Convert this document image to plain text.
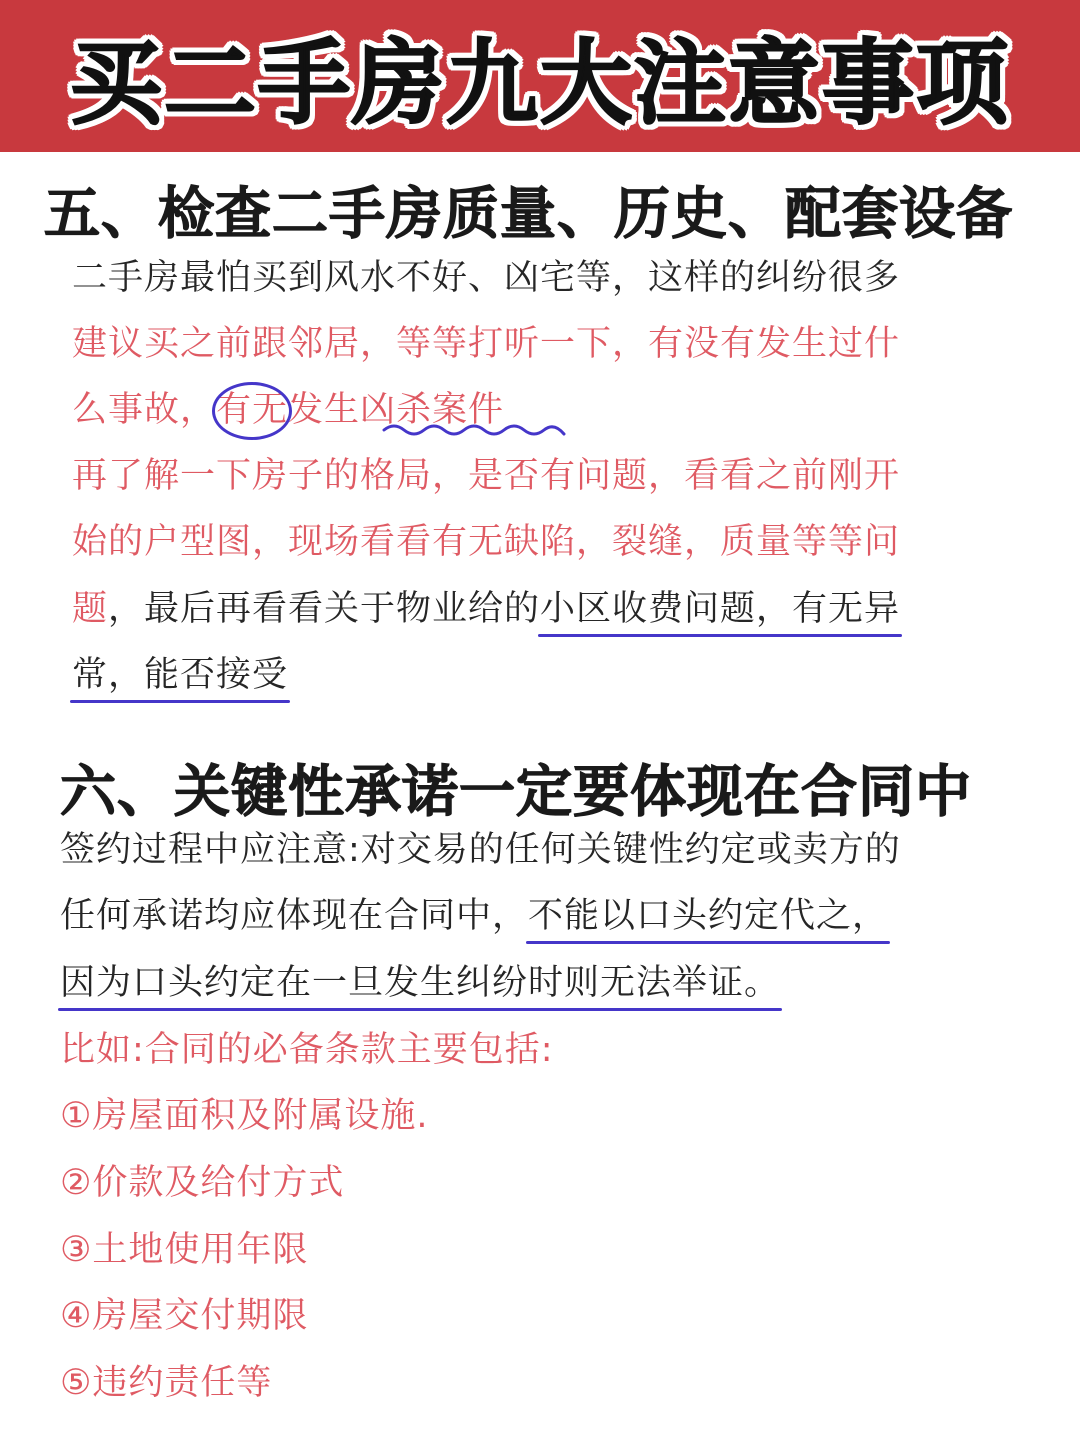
买二手房九大注意事项
五、检查二手房质量、历史、配套设备
二手房最怕买到风水不好、凶宅等，这样的纠纷很多
建议买之前跟邻居，等等打听一下，有没有发生过什
么事故，有无发生凶杀案件
再了解一下房子的格局，是否有问题，看看之前刚开
始的户型图，现场看看有无缺陷，裂缝，质量等等问
题，最后再看看关于物业给的小区收费问题，有无异
常，能否接受
六、关键性承诺一定要体现在合同中
签约过程中应注意:对交易的任何关键性约定或卖方的
任何承诺均应体现在合同中，不能以口头约定代之，
因为口头约定在一旦发生纠纷时则无法举证。
比如:合同的必备条款主要包括:
①房屋面积及附属设施.
②价款及给付方式
③土地使用年限
④房屋交付期限
⑤违约责任等
